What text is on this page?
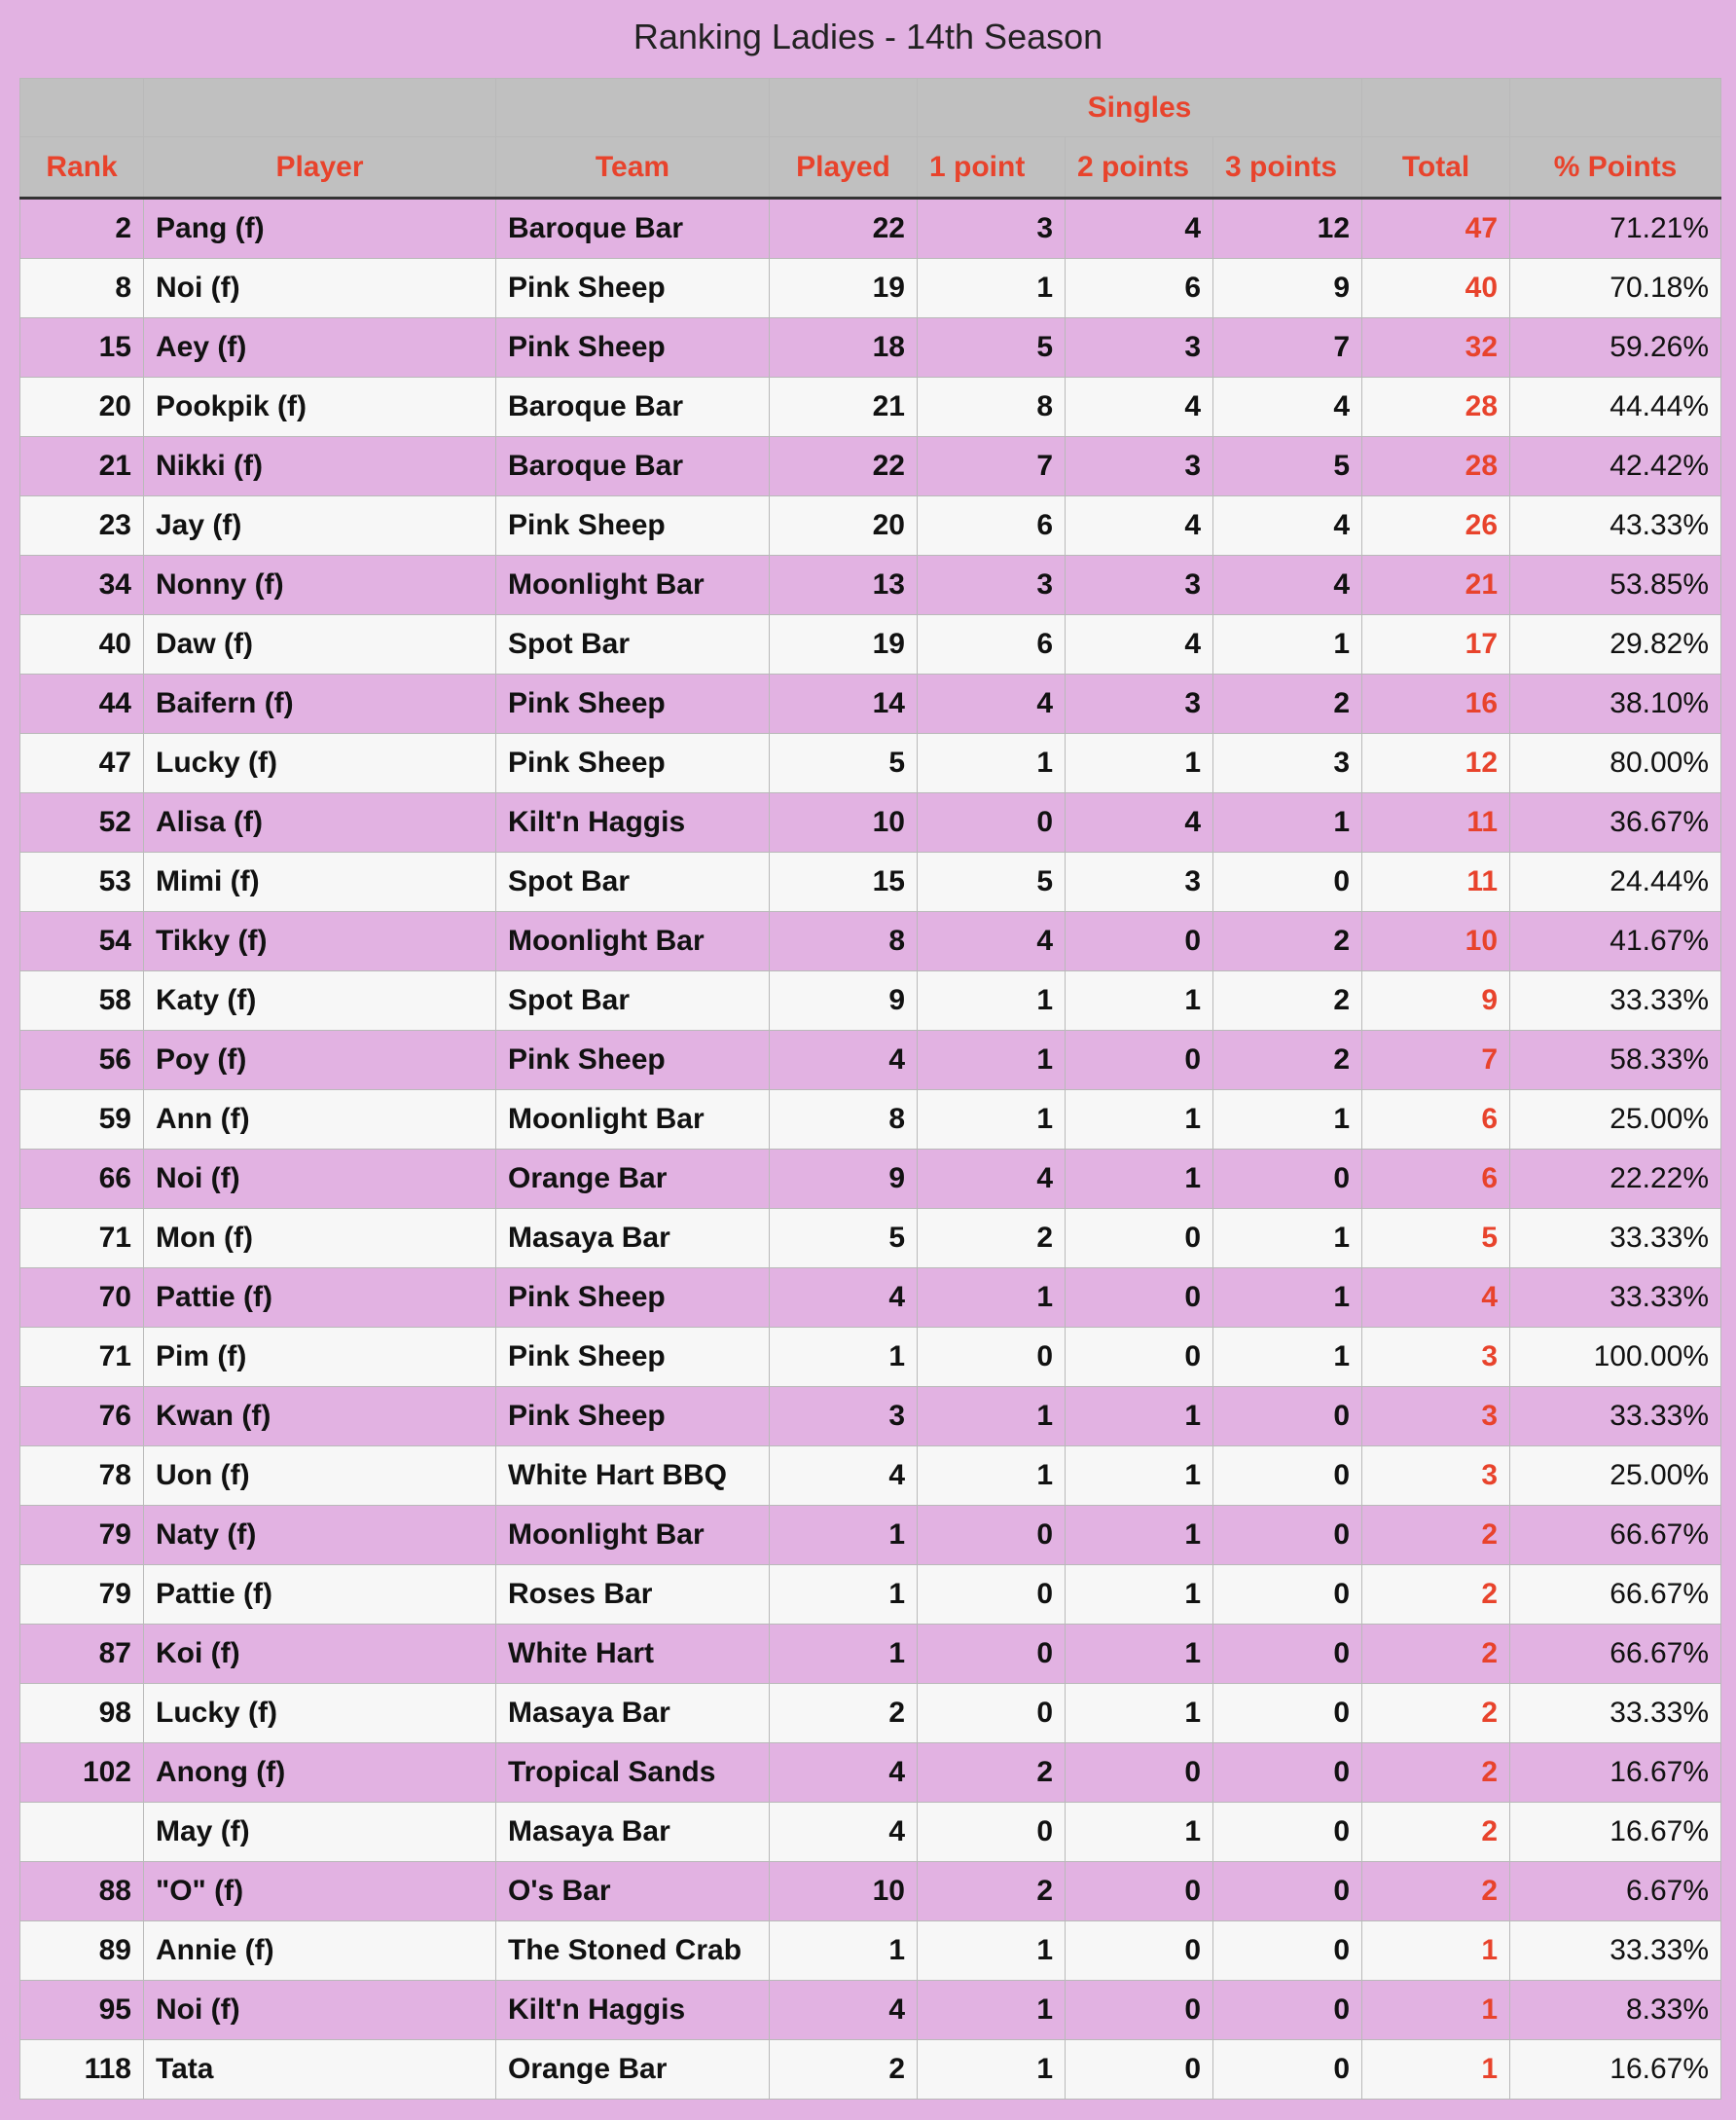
Ranking Ladies - 14th Season
				Singles				
Rank	Player	Team	Played	1 point	2 points	3 points	Total	% Points
2	Pang (f)	Baroque Bar	22	3	4	12	47	71.21%
8	Noi (f)	Pink Sheep	19	1	6	9	40	70.18%
15	Aey (f)	Pink Sheep	18	5	3	7	32	59.26%
20	Pookpik (f)	Baroque Bar	21	8	4	4	28	44.44%
21	Nikki (f)	Baroque Bar	22	7	3	5	28	42.42%
23	Jay (f)	Pink Sheep	20	6	4	4	26	43.33%
34	Nonny (f)	Moonlight Bar	13	3	3	4	21	53.85%
40	Daw (f)	Spot Bar	19	6	4	1	17	29.82%
44	Baifern (f)	Pink Sheep	14	4	3	2	16	38.10%
47	Lucky (f)	Pink Sheep	5	1	1	3	12	80.00%
52	Alisa (f)	Kilt'n Haggis	10	0	4	1	11	36.67%
53	Mimi (f)	Spot Bar	15	5	3	0	11	24.44%
54	Tikky (f)	Moonlight Bar	8	4	0	2	10	41.67%
58	Katy (f)	Spot Bar	9	1	1	2	9	33.33%
56	Poy (f)	Pink Sheep	4	1	0	2	7	58.33%
59	Ann (f)	Moonlight Bar	8	1	1	1	6	25.00%
66	Noi (f)	Orange Bar	9	4	1	0	6	22.22%
71	Mon (f)	Masaya Bar	5	2	0	1	5	33.33%
70	Pattie (f)	Pink Sheep	4	1	0	1	4	33.33%
71	Pim (f)	Pink Sheep	1	0	0	1	3	100.00%
76	Kwan (f)	Pink Sheep	3	1	1	0	3	33.33%
78	Uon (f)	White Hart BBQ	4	1	1	0	3	25.00%
79	Naty (f)	Moonlight Bar	1	0	1	0	2	66.67%
79	Pattie (f)	Roses Bar	1	0	1	0	2	66.67%
87	Koi (f)	White Hart	1	0	1	0	2	66.67%
98	Lucky (f)	Masaya Bar	2	0	1	0	2	33.33%
102	Anong (f)	Tropical Sands	4	2	0	0	2	16.67%
	May (f)	Masaya Bar	4	0	1	0	2	16.67%
88	"O" (f)	O's Bar	10	2	0	0	2	6.67%
89	Annie (f)	The Stoned Crab	1	1	0	0	1	33.33%
95	Noi (f)	Kilt'n Haggis	4	1	0	0	1	8.33%
118	Tata	Orange Bar	2	1	0	0	1	16.67%
